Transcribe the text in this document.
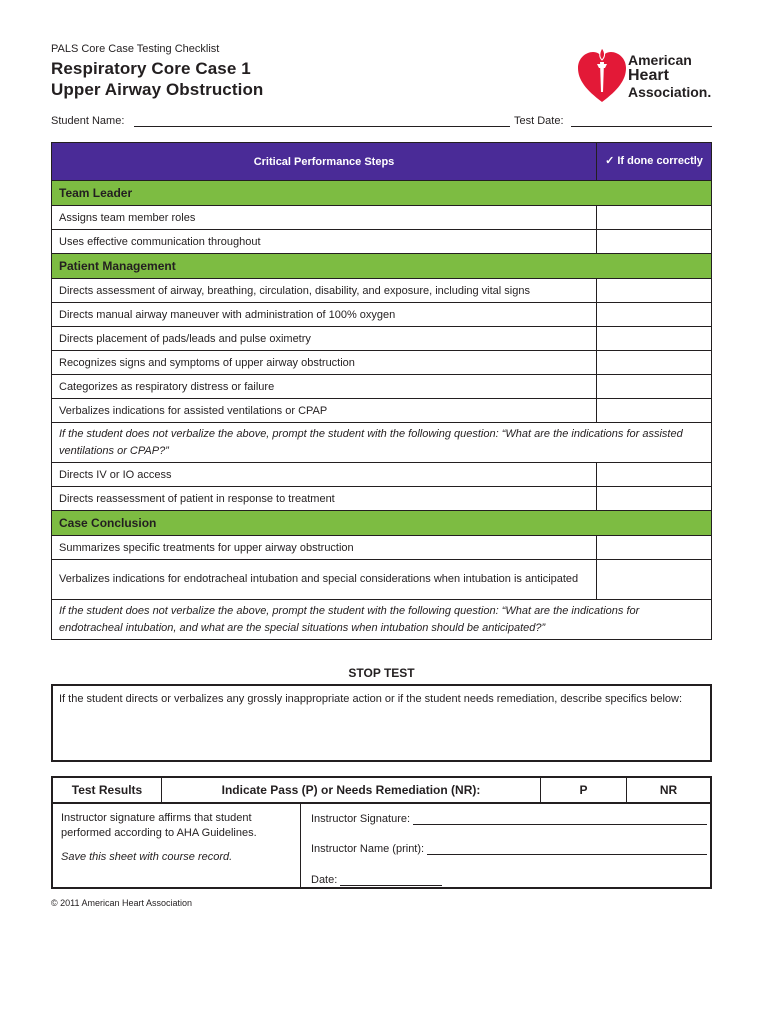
PALS Core Case Testing Checklist
Respiratory Core Case 1
Upper Airway Obstruction
American
Heart
Association.
Student Name:	Test Date:
Critical Performance Steps	✓ If done correctly
Team Leader	
Assigns team member roles	
Uses effective communication throughout	
Patient Management	
Directs assessment of airway, breathing, circulation, disability, and exposure, including vital signs	
Directs manual airway maneuver with administration of 100% oxygen	
Directs placement of pads/leads and pulse oximetry	
Recognizes signs and symptoms of upper airway obstruction	
Categorizes as respiratory distress or failure	
Verbalizes indications for assisted ventilations or CPAP	
If the student does not verbalize the above, prompt the student with the following question: “What are the indications for assisted ventilations or CPAP?”	
Directs IV or IO access	
Directs reassessment of patient in response to treatment	
Case Conclusion	
Summarizes specific treatments for upper airway obstruction	
Verbalizes indications for endotracheal intubation and special considerations when intubation is anticipated	
If the student does not verbalize the above, prompt the student with the following question: “What are the indications for endotracheal intubation, and what are the special situations when intubation should be anticipated?”	
STOP TEST
If the student directs or verbalizes any grossly inappropriate action or if the student needs remediation, describe specifics below:
Test Results	Indicate Pass (P) or Needs Remediation (NR):	P	NR
Instructor signature affirms that student performed according to AHA Guidelines.
Save this sheet with course record.
Instructor Signature:
Instructor Name (print):
Date:
© 2011 American Heart Association
